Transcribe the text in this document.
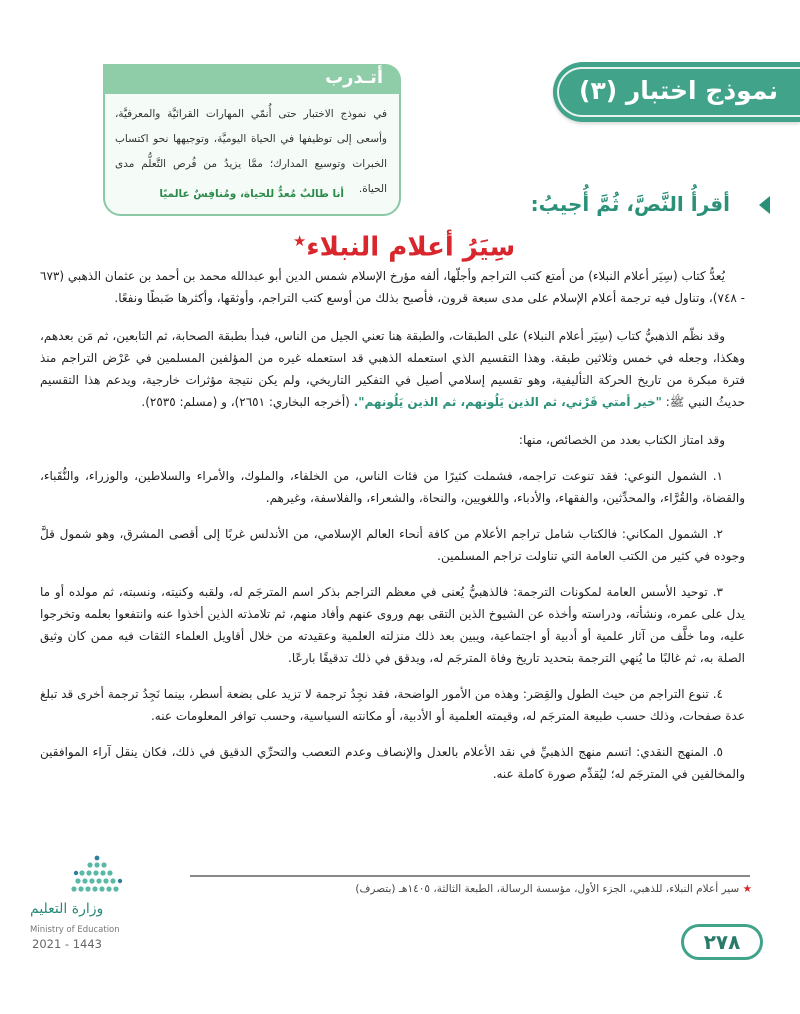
نموذج اختبار (٣)
أتـدرب
في نموذج الاختبار حتى أُنمّي المهارات القرائيَّة والمعرفيَّة، وأسعى إلى توظيفها في الحياة اليوميَّة، وتوجيهها نحو اكتساب الخبرات وتوسيع المدارك؛ ممَّا يزيدُ من فُرص التَّعلُّم مدى الحياة.
أنا طالبٌ مُعدٌّ للحياة، ومُنافِسٌ عالميًا	أقرأُ النَّصَّ، ثُمَّ أُجيبُ:
سِيَرُ أعلام النبلاء★

يُعدُّ كتاب (سِيَر أعلام النبلاء) من أمتع كتب التراجم وأجلّها، ألفه مؤرخ الإسلام شمس الدين أبو عبدالله محمد بن أحمد بن عثمان الذهبي (٦٧٣ - ٧٤٨)، وتناول فيه ترجمة أعلام الإسلام على مدى سبعة قرون، فأصبح بذلك من أوسع كتب التراجم، وأوثقها، وأكثرها ضَبطًا ونفعًا.

وقد نظّم الذهبيُّ كتاب (سِيَر أعلام النبلاء) على الطبقات، والطبقة هنا تعني الجيل من الناس، فبدأ بطبقة الصحابة، ثم التابعين، ثم مَن بعدهم، وهكذا، وجعله في خمس وثلاثين طبقة. وهذا التقسيم الذي استعمله الذهبي قد استعمله غيره من المؤلفين المسلمين في عَرْض التراجم منذ فترة مبكرة من تاريخ الحركة التأليفية، وهو تقسيم إسلامي أصيل في التفكير التاريخي، ولم يكن نتيجة مؤثرات خارجية، ويدعم هذا التقسيم حديثُ النبي ﷺ: "خير أمتي قَرْني، ثم الذين يَلُونهم، ثم الذين يَلُونهم". (أخرجه البخاري: ٢٦٥١)، و (مسلم: ٢٥٣٥).

وقد امتاز الكتاب بعدد من الخصائص، منها:

١. الشمول النوعي: فقد تنوعت تراجمه، فشملت كثيرًا من فئات الناس، من الخلفاء، والملوك، والأمراء والسلاطين، والوزراء، والنُّقَباء، والقضاة، والقُرَّاء، والمحدِّثين، والفقهاء، والأدباء، واللغويين، والنحاة، والشعراء، والفلاسفة، وغيرهم.
٢. الشمول المكاني: فالكتاب شامل تراجم الأعلام من كافة أنحاء العالم الإسلامي، من الأندلس غربًا إلى أقصى المشرق، وهو شمول قلَّ وجوده في كثير من الكتب العامة التي تناولت تراجم المسلمين.
٣. توحيد الأسس العامة لمكونات الترجمة: فالذهبيُّ يُعنى في معظم التراجم بذكر اسم المترجَم له، ولقبه وكنيته، ونسبته، ثم مولده أو ما يدل على عمره، ونشأته، ودراسته وأخذه عن الشيوخ الذين التقى بهم وروى عنهم وأفاد منهم، ثم تلامذته الذين أخذوا عنه وانتفعوا بعلمه وتخرجوا عليه، وما خلَّف من آثار علمية أو أدبية أو اجتماعية، ويبين بعد ذلك منزلته العلمية وعقيدته من خلال أقاويل العلماء الثقات فيه ممن كان وثيق الصلة به، ثم غالبًا ما يُنهي الترجمة بتحديد تاريخ وفاة المترجَم له، ويدقق في ذلك تدقيقًا بارعًا.
٤. تنوع التراجم من حيث الطول والقِصَر: وهذه من الأمور الواضحة، فقد نجِدُ ترجمة لا تزيد على بضعة أسطر، بينما نَجِدُ ترجمة أخرى قد تبلغ عدة صفحات، وذلك حسب طبيعة المترجَم له، وقيمته العلمية أو الأدبية، أو مكانته السياسية، وحسب توافر المعلومات عنه.
٥. المنهج النقدي: اتسم منهج الذهبيِّ في نقد الأعلام بالعدل والإنصاف وعدم التعصب والتحرِّي الدقيق في ذلك، فكان ينقل آراء الموافقين والمخالفين في المترجَم له؛ ليُقدِّم صورة كاملة عنه.
★ سير أعلام النبلاء، للذهبي، الجزء الأول، مؤسسة الرسالة، الطبعة الثالثة، ١٤٠٥هـ (بتصرف)
٢٧٨
وزارة التعليم
Ministry of Education
2021 - 1443
